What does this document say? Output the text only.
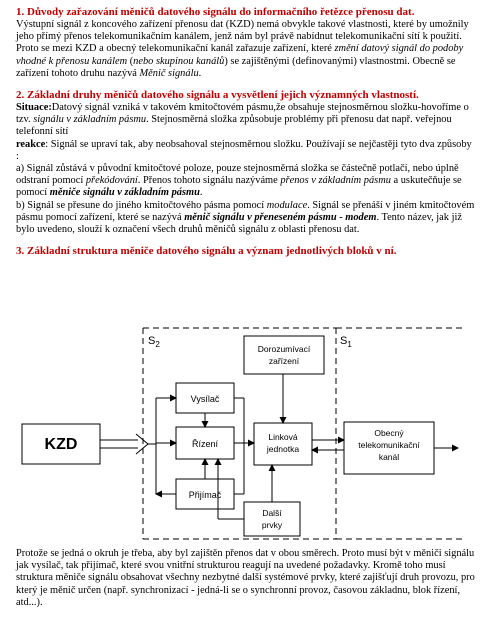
1. Důvody zařazování měničů datového signálu do informačního řetězce přenosu dat.

Výstupní signál z koncového zařízení přenosu dat (KZD) nemá obvykle takové vlastnosti, které by umožnily jeho přímý přenos telekomunikačním kanálem, jenž nám byl právě nabídnut telekomunikační sítí k použití. Proto se mezi KZD a obecný telekomunikační kanál zařazuje zařízení, které změní datový signál do podoby vhodné k přenosu kanálem (nebo skupinou kanálů) se zajištěnými (definovanými) vlastnostmi. Obecně se zařízení tohoto druhu nazývá Měnič signálu.

2. Základní druhy měničů datového signálu a vysvětlení jejich významných vlastností.

Situace:Datový signál vzniká v takovém kmitočtovém pásmu,že obsahuje stejnosměrnou složku-hovoříme o tzv. signálu v základním pásmu. Stejnosměrná složka způsobuje problémy při přenosu dat např. veřejnou telefonní sítí

reakce: Signál se upraví tak, aby neobsahoval stejnosměrnou složku. Používají se nejčastěji tyto dva způsoby :

a) Signál zůstává v původní kmitočtové poloze, pouze stejnosměrná složka se částečně potlačí, nebo úplně odstraní pomocí překódování. Přenos tohoto signálu nazýváme přenos v základním pásmu a uskutečňuje se pomocí měniče signálu v základním pásmu.

b) Signál se přesune do jiného kmitočtového pásma pomocí modulace. Signál se přenáší v jiném kmitočtovém pásmu pomocí zařízení, které se nazývá měnič signálu v přeneseném pásmu - modem. Tento název, jak již bylo uvedeno, slouží k označení všech druhů měničů signálu z oblasti přenosu dat.

3. Základní struktura měniče datového signálu a význam jednotlivých bloků v ní.

$S_2$	$S_1$
KZD
Dorozumívací
zařízení
Vysílač
Řízení
Přijímač
Linková
jednotka
Obecný
telekomunikační
kanál
Další
prvky

Protože se jedná o okruh je třeba, aby byl zajištěn přenos dat v obou směrech. Proto musí být v měniči signálu jak vysílač, tak přijímač, které svou vnitřní strukturou reagují na uvedené požadavky. Kromě toho musí struktura měniče signálu obsahovat všechny nezbytné další systémové prvky, které zajišťují druh provozu, pro který je měnič určen (např. synchronizací - jedná-li se o synchronní provoz, časovou základnu, blok řízení, atd...).
